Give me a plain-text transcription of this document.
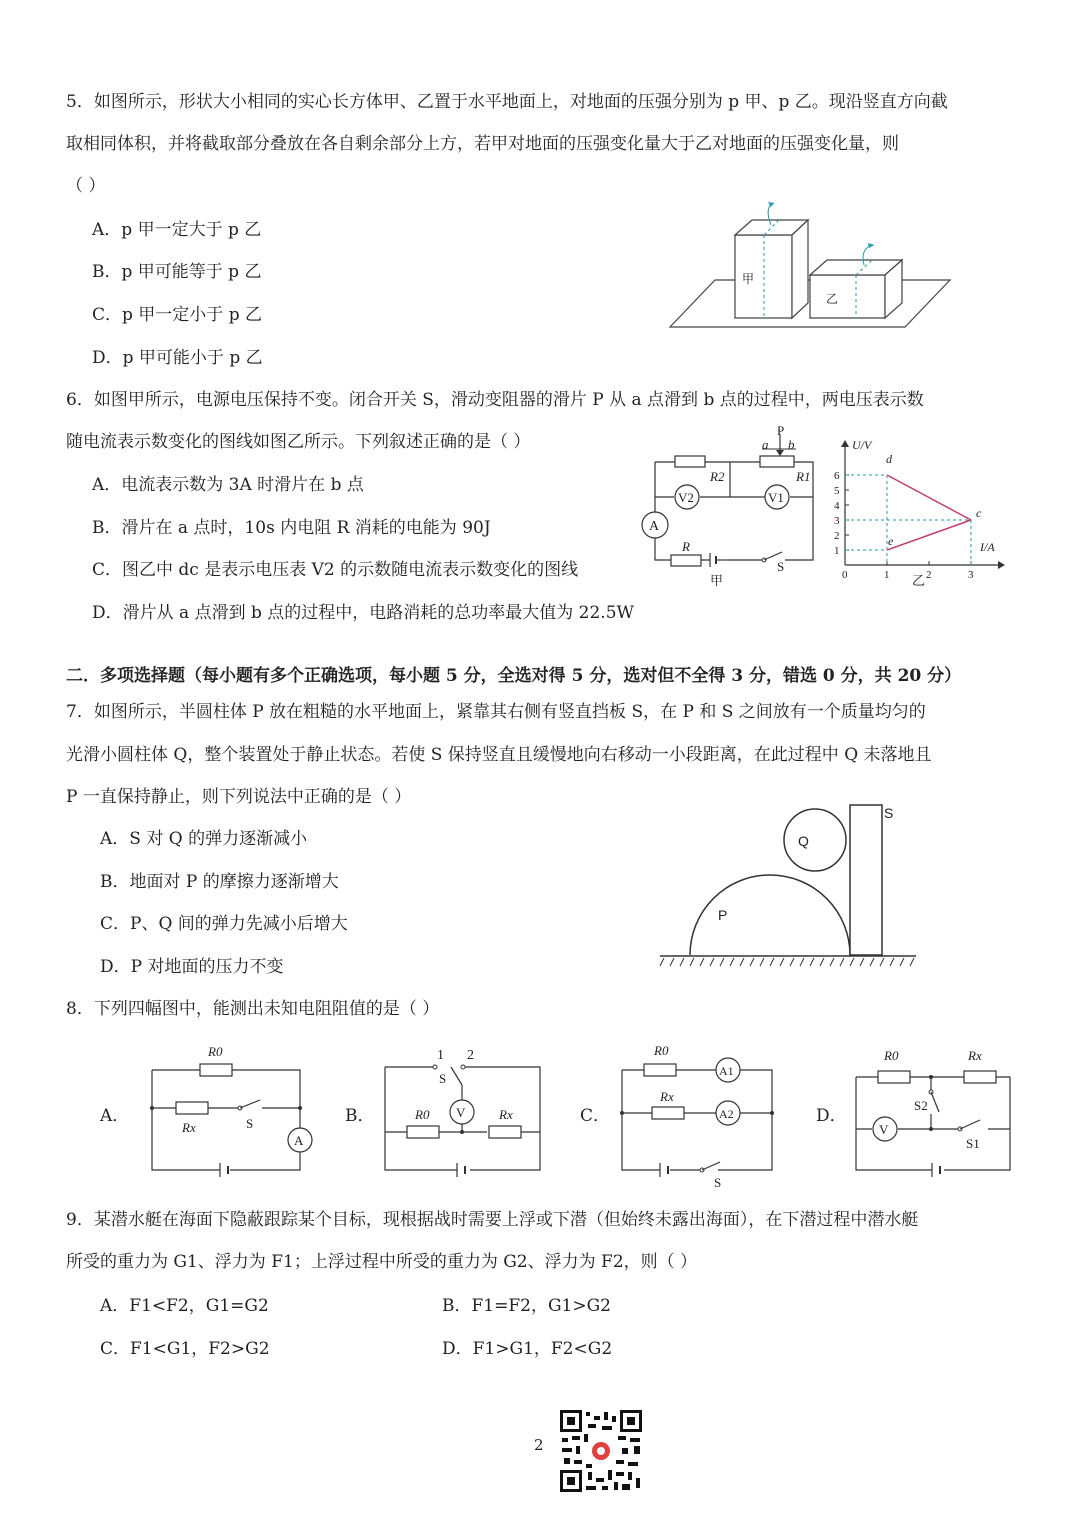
5．如图所示，形状大小相同的实心长方体甲、乙置于水平地面上，对地面的压强分别为 p 甲、p 乙。现沿竖直方向截
取相同体积，并将截取部分叠放在各自剩余部分上方，若甲对地面的压强变化量大于乙对地面的压强变化量，则
（ ）
A．p 甲一定大于 p 乙
B．p 甲可能等于 p 乙
C．p 甲一定小于 p 乙
D．p 甲可能小于 p 乙
甲
乙
6．如图甲所示，电源电压保持不变。闭合开关 S，滑动变阻器的滑片 P 从 a 点滑到 b 点的过程中，两电压表示数
随电流表示数变化的图线如图乙所示。下列叙述正确的是（ ）
A．电流表示数为 3A 时滑片在 b 点
B．滑片在 a 点时，10s 内电阻 R 消耗的电能为 90J
C．图乙中 dc 是表示电压表 V2 的示数随电流表示数变化的图线
D．滑片从 a 点滑到 b 点的过程中，电路消耗的总功率最大值为 22.5W
P
a b
R2	R1
V2	V1
A
R
S
甲
1
2
3
4
5
6
0	1	2	3
U/V
I/A
d
c
e
乙
二．多项选择题（每小题有多个正确选项，每小题 5 分，全选对得 5 分，选对但不全得 3 分，错选 0 分，共 20 分）
7．如图所示，半圆柱体 P 放在粗糙的水平地面上，紧靠其右侧有竖直挡板 S，在 P 和 S 之间放有一个质量均匀的
光滑小圆柱体 Q，整个装置处于静止状态。若使 S 保持竖直且缓慢地向右移动一小段距离，在此过程中 Q 未落地且
P 一直保持静止，则下列说法中正确的是（ ）
A．S 对 Q 的弹力逐渐减小
B．地面对 P 的摩擦力逐渐增大
C．P、Q 间的弹力先减小后增大
D．P 对地面的压力不变
P
Q
S
8．下列四幅图中，能测出未知电阻阻值的是（ ）
A．
A
R0
Rx	S	B．	V
1 2
S
R0	Rx	C．
A1
A2
R0
Rx
S
D．
V
R0	Rx
S2
S1
9．某潜水艇在海面下隐蔽跟踪某个目标，现根据战时需要上浮或下潜（但始终未露出海面），在下潜过程中潜水艇
所受的重力为 G1、浮力为 F1；上浮过程中所受的重力为 G2、浮力为 F2，则（ ）
A．F1<F2，G1=G2	B．F1=F2，G1>G2
C．F1<G1，F2>G2	D．F1>G1，F2<G2
2
